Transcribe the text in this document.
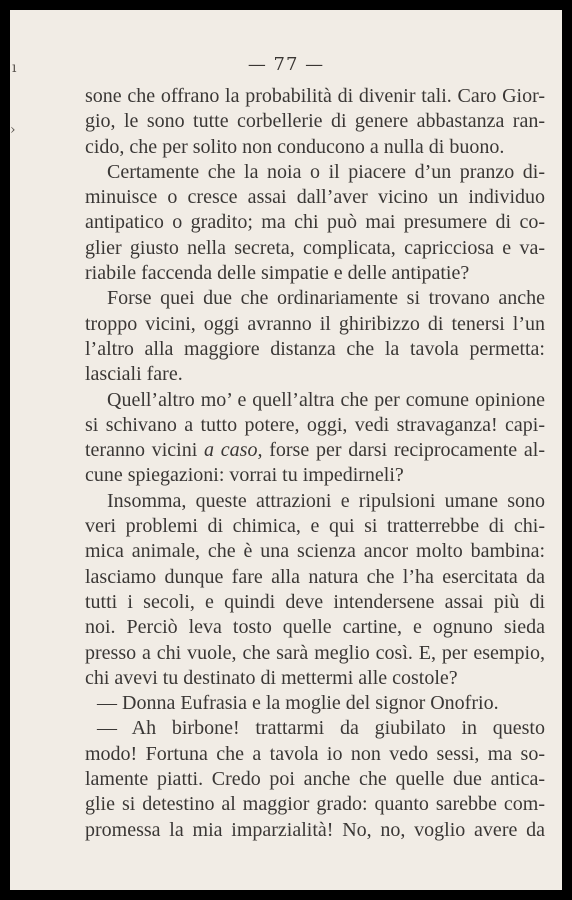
ı
›
— 77 —
sone che offrano la probabilità di divenir tali. Caro Gior-
gio, le sono tutte corbellerie di genere abbastanza ran-
cido, che per solito non conducono a nulla di buono.
Certamente che la noia o il piacere d’un pranzo di-
minuisce o cresce assai dall’aver vicino un individuo
antipatico o gradito; ma chi può mai presumere di co-
glier giusto nella secreta, complicata, capricciosa e va-
riabile faccenda delle simpatie e delle antipatie?
Forse quei due che ordinariamente si trovano anche
troppo vicini, oggi avranno il ghiribizzo di tenersi l’un
l’altro alla maggiore distanza che la tavola permetta:
lasciali fare.
Quell’altro mo’ e quell’altra che per comune opinione
si schivano a tutto potere, oggi, vedi stravaganza! capi-
teranno vicini a caso, forse per darsi reciprocamente al-
cune spiegazioni: vorrai tu impedirneli?
Insomma, queste attrazioni e ripulsioni umane sono
veri problemi di chimica, e qui si tratterrebbe di chi-
mica animale, che è una scienza ancor molto bambina:
lasciamo dunque fare alla natura che l’ha esercitata da
tutti i secoli, e quindi deve intendersene assai più di
noi. Perciò leva tosto quelle cartine, e ognuno sieda
presso a chi vuole, che sarà meglio così. E, per esempio,
chi avevi tu destinato di mettermi alle costole?
— Donna Eufrasia e la moglie del signor Onofrio.
— Ah birbone! trattarmi da giubilato in questo
modo! Fortuna che a tavola io non vedo sessi, ma so-
lamente piatti. Credo poi anche che quelle due antica-
glie si detestino al maggior grado: quanto sarebbe com-
promessa la mia imparzialità! No, no, voglio avere da
